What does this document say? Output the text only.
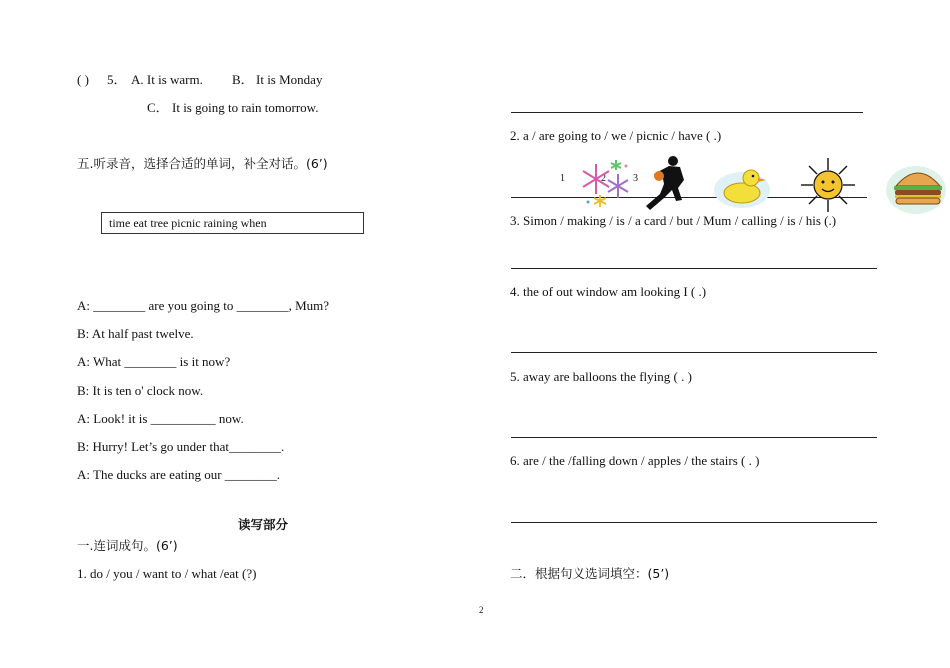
( ) 5． A. It is warm. B． It is Monday
C． It is going to rain tomorrow.
五.听录音，选择合适的单词，补全对话。(6’)
time eat tree picnic raining when
A: ________ are you going to ________, Mum?
B: At half past twelve.
A: What ________ is it now?
B: It is ten o' clock now.
A: Look! it is __________ now.
B: Hurry! Let’s go under that________.
A: The ducks are eating our ________.
读写部分
一.连词成句。(6’)
1. do / you / want to / what /eat (?)
2. a / are going to / we / picnic / have ( .)
3. Simon / making / is / a card / but / Mum / calling / is / his (.)
4. the of out window am looking I ( .)
5. away are balloons the flying ( . )
6. are / the /falling down / apples / the stairs ( . )
二．根据句义选词填空：(5’)
1	2	3
2
